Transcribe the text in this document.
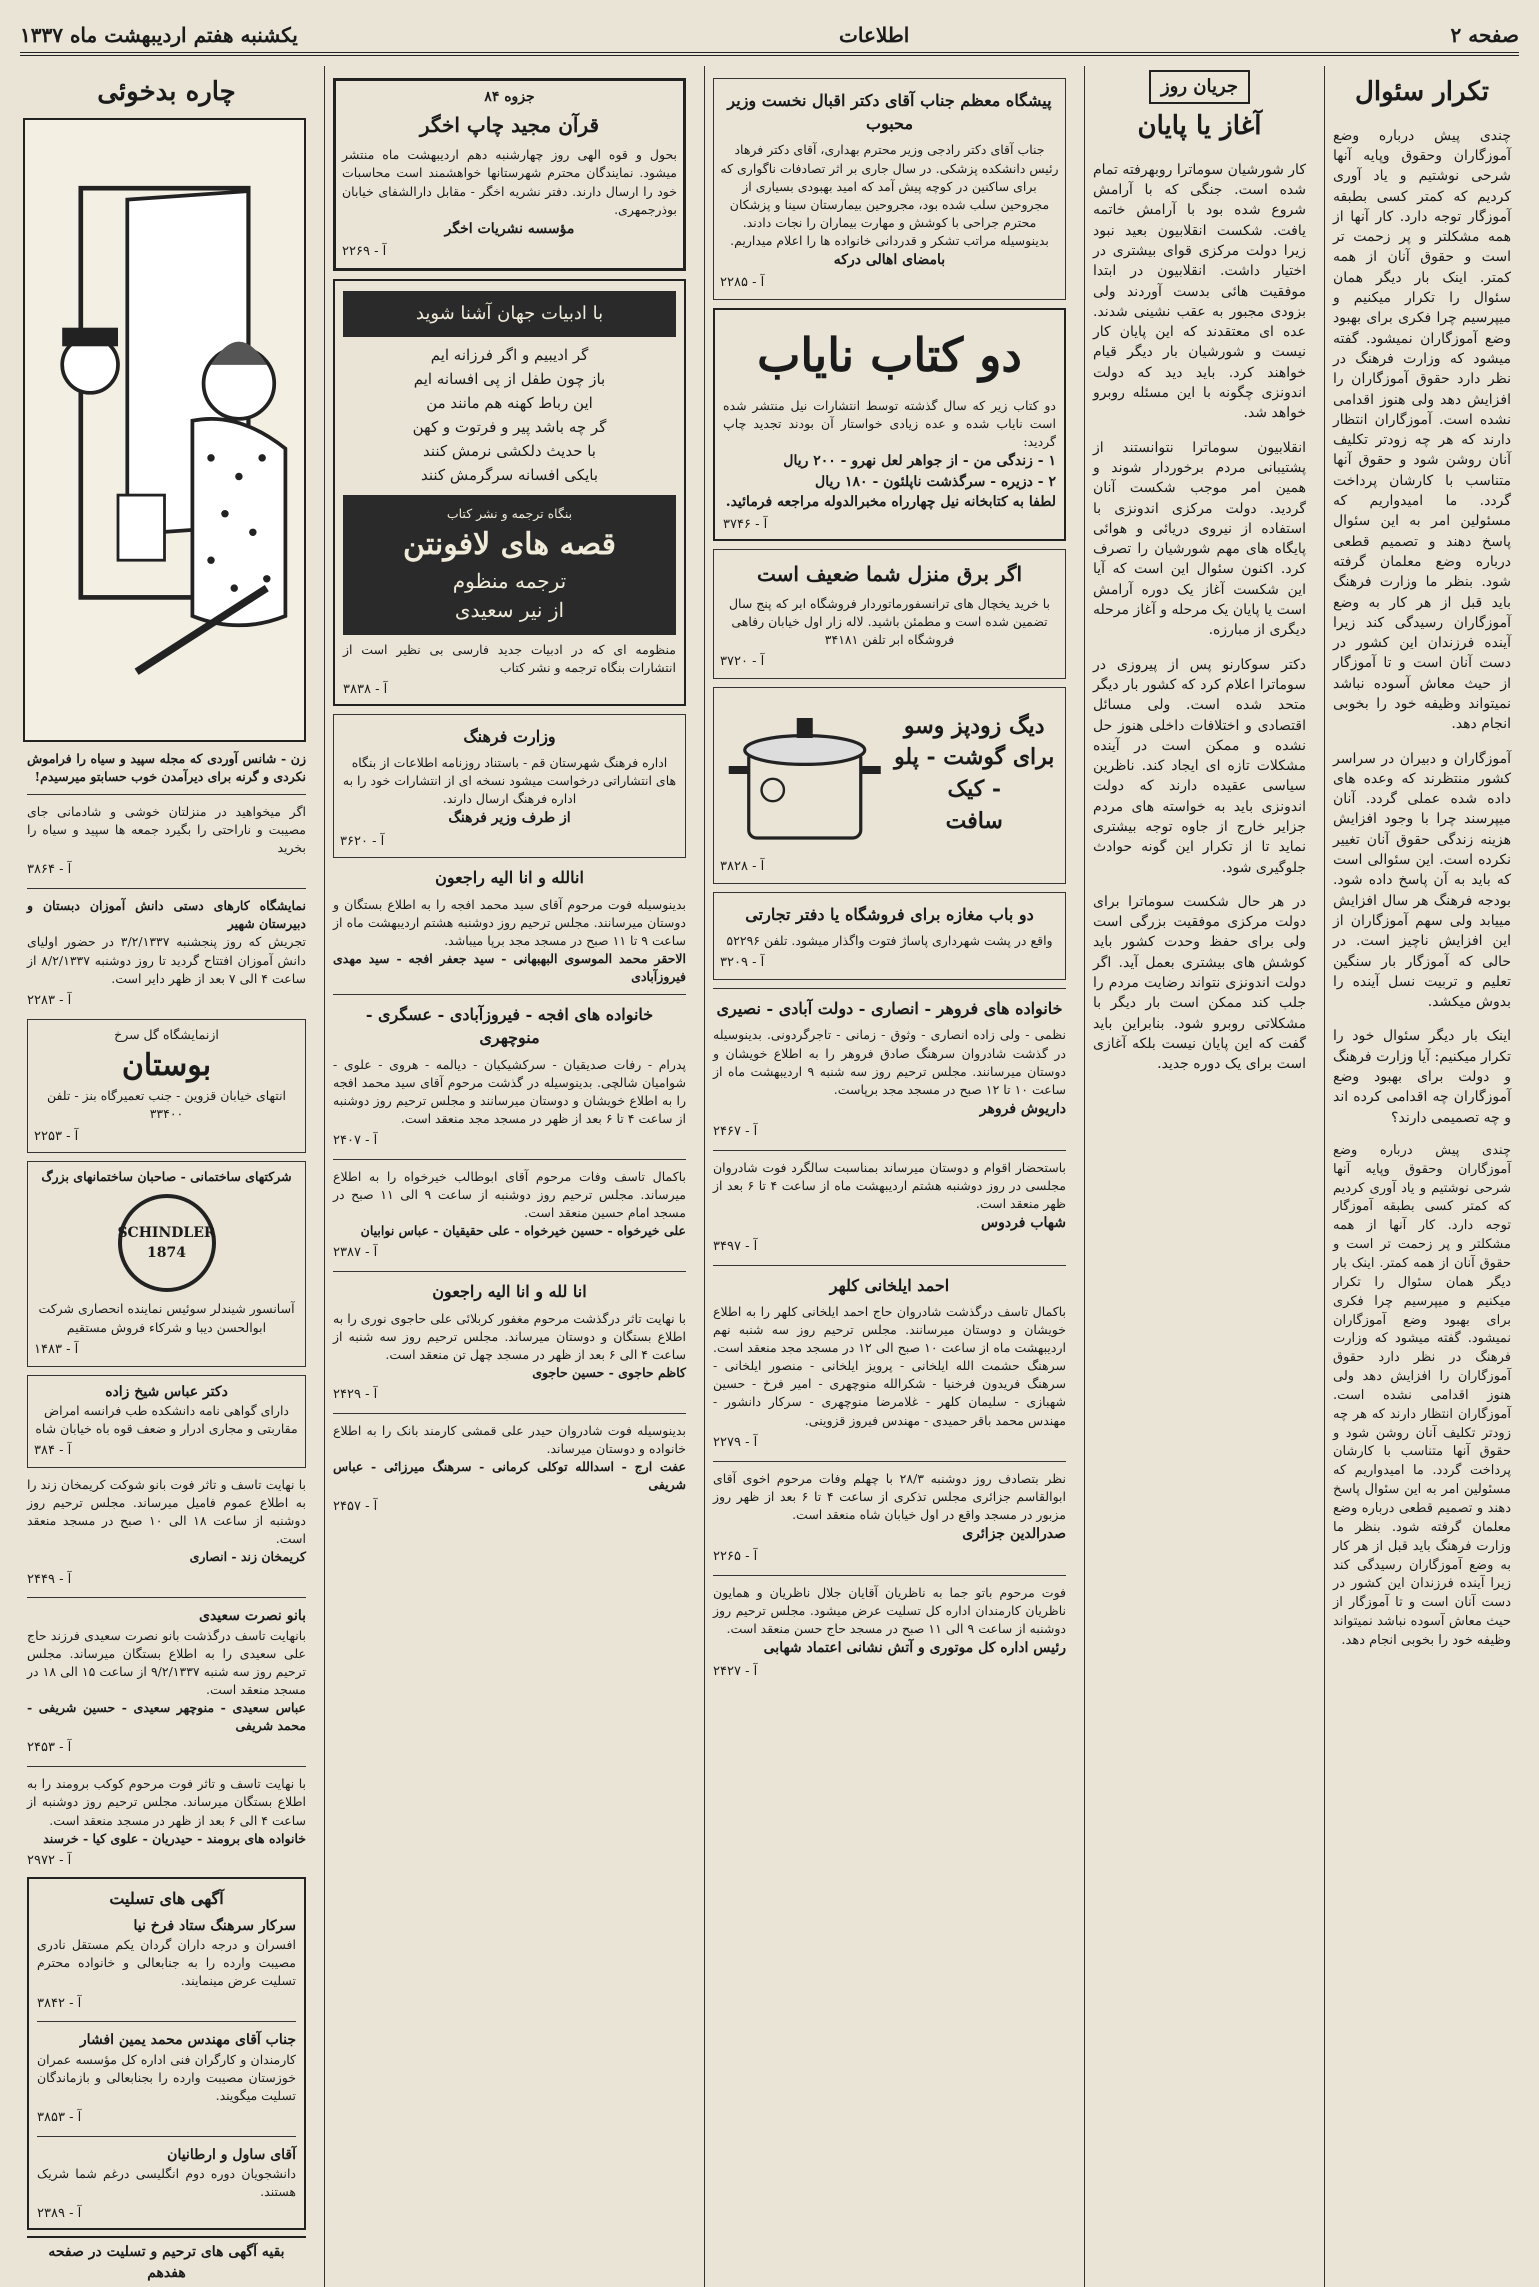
صفحه ۲
اطلاعات
یکشنبه هفتم اردیبهشت ماه ۱۳۳۷
تکرار سئوال

چندی پیش درباره وضع آموزگاران وحقوق وپایه آنها شرحی نوشتیم و یاد آوری کردیم که کمتر کسی بطبقه آموزگار توجه دارد. کار آنها از همه مشکلتر و پر زحمت تر است و حقوق آنان از همه کمتر. اینک بار دیگر همان سئوال را تکرار میکنیم و میپرسیم چرا فکری برای بهبود وضع آموزگاران نمیشود. گفته میشود که وزارت فرهنگ در نظر دارد حقوق آموزگاران را افزایش دهد ولی هنوز اقدامی نشده است. آموزگاران انتظار دارند که هر چه زودتر تکلیف آنان روشن شود و حقوق آنها متناسب با کارشان پرداخت گردد. ما امیدواریم که مسئولین امر به این سئوال پاسخ دهند و تصمیم قطعی درباره وضع معلمان گرفته شود. بنظر ما وزارت فرهنگ باید قبل از هر کار به وضع آموزگاران رسیدگی کند زیرا آینده فرزندان این کشور در دست آنان است و تا آموزگار از حیث معاش آسوده نباشد نمیتواند وظیفه خود را بخوبی انجام دهد.

آموزگاران و دبیران در سراسر کشور منتظرند که وعده های داده شده عملی گردد. آنان میپرسند چرا با وجود افزایش هزینه زندگی حقوق آنان تغییر نکرده است. این سئوالی است که باید به آن پاسخ داده شود. بودجه فرهنگ هر سال افزایش مییابد ولی سهم آموزگاران از این افزایش ناچیز است. در حالی که آموزگار بار سنگین تعلیم و تربیت نسل آینده را بدوش میکشد.

اینک بار دیگر سئوال خود را تکرار میکنیم: آیا وزارت فرهنگ و دولت برای بهبود وضع آموزگاران چه اقدامی کرده اند و چه تصمیمی دارند؟

چندی پیش درباره وضع آموزگاران وحقوق وپایه آنها شرحی نوشتیم و یاد آوری کردیم که کمتر کسی بطبقه آموزگار توجه دارد. کار آنها از همه مشکلتر و پر زحمت تر است و حقوق آنان از همه کمتر. اینک بار دیگر همان سئوال را تکرار میکنیم و میپرسیم چرا فکری برای بهبود وضع آموزگاران نمیشود. گفته میشود که وزارت فرهنگ در نظر دارد حقوق آموزگاران را افزایش دهد ولی هنوز اقدامی نشده است. آموزگاران انتظار دارند که هر چه زودتر تکلیف آنان روشن شود و حقوق آنها متناسب با کارشان پرداخت گردد. ما امیدواریم که مسئولین امر به این سئوال پاسخ دهند و تصمیم قطعی درباره وضع معلمان گرفته شود. بنظر ما وزارت فرهنگ باید قبل از هر کار به وضع آموزگاران رسیدگی کند زیرا آینده فرزندان این کشور در دست آنان است و تا آموزگار از حیث معاش آسوده نباشد نمیتواند وظیفه خود را بخوبی انجام دهد.

جریان روز
آغاز یا پایان

کار شورشیان سوماترا روبهرفته تمام شده است. جنگی که با آرامش شروع شده بود با آرامش خاتمه یافت. شکست انقلابیون بعید نبود زیرا دولت مرکزی قوای بیشتری در اختیار داشت. انقلابیون در ابتدا موفقیت هائی بدست آوردند ولی بزودی مجبور به عقب نشینی شدند. عده ای معتقدند که این پایان کار نیست و شورشیان بار دیگر قیام خواهند کرد. باید دید که دولت اندونزی چگونه با این مسئله روبرو خواهد شد.

انقلابیون سوماترا نتوانستند از پشتیبانی مردم برخوردار شوند و همین امر موجب شکست آنان گردید. دولت مرکزی اندونزی با استفاده از نیروی دریائی و هوائی پایگاه های مهم شورشیان را تصرف کرد. اکنون سئوال این است که آیا این شکست آغاز یک دوره آرامش است یا پایان یک مرحله و آغاز مرحله دیگری از مبارزه.

دکتر سوکارنو پس از پیروزی در سوماترا اعلام کرد که کشور بار دیگر متحد شده است. ولی مسائل اقتصادی و اختلافات داخلی هنوز حل نشده و ممکن است در آینده مشکلات تازه ای ایجاد کند. ناظرین سیاسی عقیده دارند که دولت اندونزی باید به خواسته های مردم جزایر خارج از جاوه توجه بیشتری نماید تا از تکرار این گونه حوادث جلوگیری شود.

در هر حال شکست سوماترا برای دولت مرکزی موفقیت بزرگی است ولی برای حفظ وحدت کشور باید کوشش های بیشتری بعمل آید. اگر دولت اندونزی نتواند رضایت مردم را جلب کند ممکن است بار دیگر با مشکلاتی روبرو شود. بنابراین باید گفت که این پایان نیست بلکه آغازی است برای یک دوره جدید.

پیشگاه معظم جناب آقای دکتر اقبال نخست وزیر محبوب
جناب آقای دکتر رادجی وزیر محترم بهداری، آقای دکتر فرهاد رئیس دانشکده پزشکی. در سال جاری بر اثر تصادفات ناگواری که برای ساکنین در کوچه پیش آمد که امید بهبودی بسیاری از مجروحین سلب شده بود، مجروحین بیمارستان سینا و پزشکان محترم جراحی با کوشش و مهارت بیماران را نجات دادند. بدینوسیله مراتب تشکر و قدردانی خانواده ها را اعلام میداریم.
بامضای اهالی درکه
آ - ۲۲۸۵
دو کتاب نایاب
دو کتاب زیر که سال گذشته توسط انتشارات نیل منتشر شده است نایاب شده و عده زیادی خواستار آن بودند تجدید چاپ گردید:
۱ - زندگی من - از جواهر لعل نهرو - ۲۰۰ ریال
۲ - دزیره - سرگذشت ناپلئون - ۱۸۰ ریال
لطفا به کتابخانه نیل چهارراه مخبرالدوله مراجعه فرمائید.
آ - ۳۷۴۶
اگر برق منزل شما ضعیف است
با خرید یخچال های ترانسفورماتوردار فروشگاه ابر که پنج سال تضمین شده است و مطمئن باشید. لاله زار اول خیابان رفاهی فروشگاه ابر تلفن ۳۴۱۸۱
آ - ۳۷۲۰
دیگ زودپز وسو
برای گوشت - پلو - کیک
سافت
آ - ۳۸۲۸
دو باب مغازه برای فروشگاه یا دفتر تجارتی
واقع در پشت شهرداری پاساژ فتوت واگذار میشود. تلفن ۵۲۲۹۶
آ - ۳۲۰۹
خانواده های فروهر - انصاری - دولت آبادی - نصیری
نظمی - ولی زاده انصاری - وثوق - زمانی - تاجرگردونی. بدینوسیله در گذشت شادروان سرهنگ صادق فروهر را به اطلاع خویشان و دوستان میرسانند. مجلس ترحیم روز سه شنبه ۹ اردیبهشت ماه از ساعت ۱۰ تا ۱۲ صبح در مسجد مجد برپاست.
داریوش فروهر
آ - ۲۴۶۷
باستحضار اقوام و دوستان میرساند بمناسبت سالگرد فوت شادروان مجلسی در روز دوشنبه هشتم اردیبهشت ماه از ساعت ۴ تا ۶ بعد از ظهر منعقد است.
شهاب فردوس
آ - ۳۴۹۷
احمد ایلخانی کلهر
باکمال تاسف درگذشت شادروان حاج احمد ایلخانی کلهر را به اطلاع خویشان و دوستان میرسانند. مجلس ترحیم روز سه شنبه نهم اردیبهشت ماه از ساعت ۱۰ صبح الی ۱۲ در مسجد مجد منعقد است. سرهنگ حشمت الله ایلخانی - پرویز ایلخانی - منصور ایلخانی - سرهنگ فریدون فرخنیا - شکرالله منوچهری - امیر فرخ - حسین شهبازی - سلیمان کلهر - غلامرضا منوچهری - سرکار دانشور - مهندس محمد باقر حمیدی - مهندس فیروز قزوینی.
آ - ۲۲۷۹
نظر بتصادف روز دوشنبه ۲۸/۳ با چهلم وفات مرحوم اخوی آقای ابوالقاسم جزائری مجلس تذکری از ساعت ۴ تا ۶ بعد از ظهر روز مزبور در مسجد واقع در اول خیابان شاه منعقد است.
صدرالدین جزائری
آ - ۲۲۶۵
فوت مرحوم باتو جما به ناظریان آقایان جلال ناظریان و همایون ناظریان کارمندان اداره کل تسلیت عرض میشود. مجلس ترحیم روز دوشنبه از ساعت ۹ الی ۱۱ صبح در مسجد حاج حسن منعقد است.
رئیس اداره کل موتوری و آتش نشانی اعتماد شهابی
آ - ۲۴۲۷
جزوه ۸۴
قرآن مجید چاپ اخگر
بحول و قوه الهی روز چهارشنبه دهم اردیبهشت ماه منتشر میشود. نمایندگان محترم شهرستانها خواهشمند است محاسبات خود را ارسال دارند. دفتر نشریه اخگر - مقابل دارالشفای خیابان بوذرجمهری.
مؤسسه نشریات اخگر
آ - ۲۲۶۹
با ادبیات جهان آشنا شوید
گر ادیبیم و اگر فرزانه ایم
باز چون طفل از پی افسانه ایم
این رباط کهنه هم مانند من
گر چه باشد پیر و فرتوت و کهن
با حدیث دلکشی نرمش کنند
بایکی افسانه سرگرمش کنند
بنگاه ترجمه و نشر کتاب
قصه های لافونتن
ترجمه منظوم
از نیر سعیدی
منظومه ای که در ادبیات جدید فارسی بی نظیر است از انتشارات بنگاه ترجمه و نشر کتاب
آ - ۳۸۳۸
وزارت فرهنگ
اداره فرهنگ شهرستان قم - باستناد روزنامه اطلاعات از بنگاه های انتشاراتی درخواست میشود نسخه ای از انتشارات خود را به اداره فرهنگ ارسال دارند.
از طرف وزیر فرهنگ
آ - ۳۶۲۰
انالله و انا الیه راجعون
بدینوسیله فوت مرحوم آقای سید محمد افجه را به اطلاع بستگان و دوستان میرسانند. مجلس ترحیم روز دوشنبه هشتم اردیبهشت ماه از ساعت ۹ تا ۱۱ صبح در مسجد مجد برپا میباشد.
الاحقر محمد الموسوی البهبهانی - سید جعفر افجه - سید مهدی فیروزآبادی
خانواده های افجه - فیروزآبادی - عسگری - منوچهری
پدرام - رفات صدیقیان - سرکشیکیان - دیالمه - هروی - علوی - شوامیان شالچی. بدینوسیله در گذشت مرحوم آقای سید محمد افجه را به اطلاع خویشان و دوستان میرسانند و مجلس ترحیم روز دوشنبه از ساعت ۴ تا ۶ بعد از ظهر در مسجد مجد منعقد است.
آ - ۲۴۰۷
باکمال تاسف وفات مرحوم آقای ابوطالب خیرخواه را به اطلاع میرساند. مجلس ترحیم روز دوشنبه از ساعت ۹ الی ۱۱ صبح در مسجد امام حسین منعقد است.
علی خیرخواه - حسین خیرخواه - علی حقیقیان - عباس نوابیان
آ - ۲۳۸۷
انا لله و انا الیه راجعون
با نهایت تاثر درگذشت مرحوم مغفور کربلائی علی حاجوی نوری را به اطلاع بستگان و دوستان میرساند. مجلس ترحیم روز سه شنبه از ساعت ۴ الی ۶ بعد از ظهر در مسجد چهل تن منعقد است.
کاظم حاجوی - حسین حاجوی
آ - ۲۴۲۹
بدینوسیله فوت شادروان حیدر علی قمشی کارمند بانک را به اطلاع خانواده و دوستان میرساند.
عفت ارج - اسدالله توکلی کرمانی - سرهنگ میرزائی - عباس شریفی
آ - ۲۴۵۷
چاره بدخوئی
زن - شانس آوردی که مجله سپید و سیاه را فراموش نکردی و گرنه برای دیرآمدن خوب حسابتو میرسیدم!
اگر میخواهید در منزلتان خوشی و شادمانی جای مصیبت و ناراحتی را بگیرد جمعه ها سپید و سیاه را بخرید
آ - ۳۸۶۴
نمایشگاه کارهای دستی دانش آموزان دبستان و دبیرستان شهیر
تجریش که روز پنجشنبه ۳/۲/۱۳۳۷ در حضور اولیای دانش آموزان افتتاح گردید تا روز دوشنبه ۸/۲/۱۳۳۷ از ساعت ۴ الی ۷ بعد از ظهر دایر است.
آ - ۲۲۸۳
ازنمایشگاه گل سرخ
بوستان
انتهای خیابان قزوین - جنب تعمیرگاه بنز - تلفن ۳۳۴۰۰
آ - ۲۲۵۳
شرکتهای ساختمانی - صاحبان ساختمانهای بزرگ
SCHINDLER 1874
آسانسور شیندلر سوئیس نماینده انحصاری شرکت ابوالحسن دیبا و شرکاء فروش مستقیم
آ - ۱۴۸۳
دکتر عباس شیخ زاده
دارای گواهی نامه دانشکده طب فرانسه امراض مقاربتی و مجاری ادرار و ضعف قوه باه خیابان شاه
آ - ۳۸۴
با نهایت تاسف و تاثر فوت بانو شوکت کریمخان زند را به اطلاع عموم فامیل میرساند. مجلس ترحیم روز دوشنبه از ساعت ۱۸ الی ۱۰ صبح در مسجد منعقد است.
کریمخان زند - انصاری
آ - ۲۴۴۹
بانو نصرت سعیدی
بانهایت تاسف درگذشت بانو نصرت سعیدی فرزند حاج علی سعیدی را به اطلاع بستگان میرساند. مجلس ترحیم روز سه شنبه ۹/۲/۱۳۳۷ از ساعت ۱۵ الی ۱۸ در مسجد منعقد است.
عباس سعیدی - منوچهر سعیدی - حسین شریفی - محمد شریفی
آ - ۲۴۵۳
با نهایت تاسف و تاثر فوت مرحوم کوکب برومند را به اطلاع بستگان میرساند. مجلس ترحیم روز دوشنبه از ساعت ۴ الی ۶ بعد از ظهر در مسجد منعقد است.
خانواده های برومند - حیدریان - علوی کیا - خرسند
آ - ۲۹۷۲
آگهی های تسلیت
سرکار سرهنگ ستاد فرخ نیا
افسران و درجه داران گردان یکم مستقل نادری مصیبت وارده را به جنابعالی و خانواده محترم تسلیت عرض مینمایند.
آ - ۳۸۴۲
جناب آقای مهندس محمد یمین افشار
کارمندان و کارگران فنی اداره کل مؤسسه عمران خوزستان مصیبت وارده را بجنابعالی و بازماندگان تسلیت میگویند.
آ - ۳۸۵۳
آقای ساول و ارطانیان
دانشجویان دوره دوم انگلیسی درغم شما شریک هستند.
آ - ۲۳۸۹
بقیه آگهی های ترحیم و تسلیت در صفحه هفدهم
